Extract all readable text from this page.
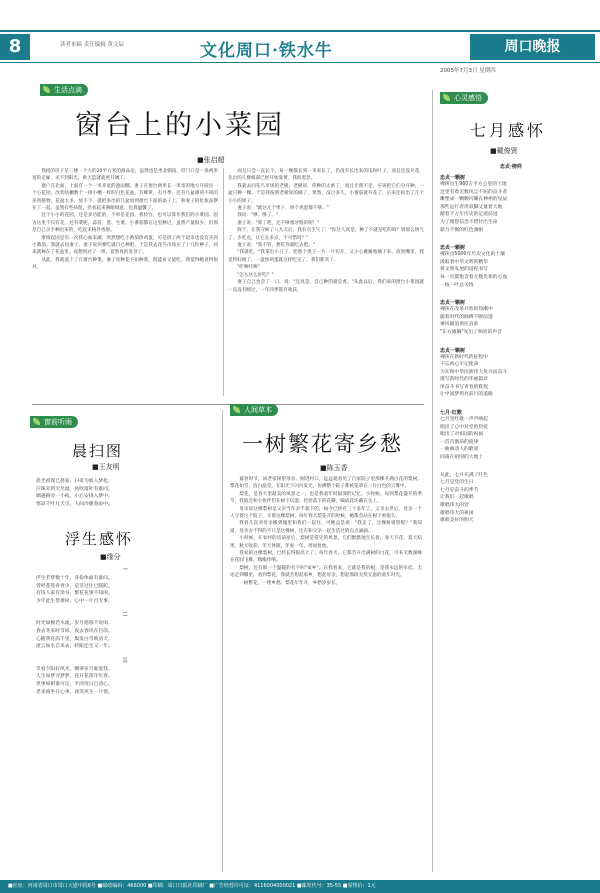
8	读者来稿 责任编辑 黄文辰	文化周口·铁水牛	周口晚报
2005年7月3日 星期四
生活点滴
窗台上的小菜园
■张启超

我租的房子是三楼一个大约20平方米的商品房，虽然也是坐北朝南，但门口是一条两米宽的走廊，见不到阳光，供天造就就更开阔了。

窗户在北面，上面有一个一米来宽的遮雨棚。妻子在窗台两米长一米宽的地方开辟出一个小花园，改装啥棚数个一排小槽一样的白色花盆，有蜂萝，有月季，还有几盆薄荷不同的多肉植物。花盆太多，放不下，就把多出的几盆放到窗台下面的桌子上，和妻子的化妆品摆在了一起。虽然有些局促，但看起来满眼绿意，也算温馨了。

这个小小的花园，还是多功能的，不单是花园，我妆台，也可以算作我们的小菜园。因为这里不仅有花，还有菜呢。蒜苗、葱、生菜、小番茄都在这里种过，虽然产量很少，但那是自己亲手种出来的，吃起来格外香甜。

事情起因是有一次我心血来潮，突然想吃小番茄炒鸡蛋，可是找了两个超市也没有买到小番茄。我就去问妻子，妻子说你要吃就自己种吧。于是我去花鸟市场买了十几粒种子，回来就种在了花盆里。没想到过了一周，竟然真的发芽了。

从此，我就爱上了在窗台种菜。妻子说种花不如种菜，既能看又能吃。我觉得她说得很对。

而且只会一直长个，每一棵都长到一米来长了，仍没有长出来的瓜和叶子，而且还没开花，先出的几棵根部已经开始发黄，我很着急。

我就去问花鸟市场的老板，老板说，你种的太密了，而且光照不足，应该把它们分开种，一盆只种一棵。于是我按照老板说的做了，果然，没过多久，小番茄就开花了，后来还结出了几个小小的果子。

妻子说："就这几个果子，炒个鸡蛋都不够。"

我说："够，够了。"

妻子说："算了吧，还不够塞牙缝的呢！"

终于，在我守候了八九天后，我有点生气了："你这人真是，种了不就是吃的吗？别那么娇气了，少吃点，让它长多点，不可惜吗？"

妻子说："我不管，想吃你就吃去吧。"

"我就吃，"我拿出小刀子，把那个果子一片一片切开，又小心翼翼地摘下来，放进嘴里。我觉得好极了，一盘炒鸡蛋就这样吃完了，我们都笑了。

"咔嚓咔嚓"

"怎么这么好吃？"

妻子自己也尝了一口，说："还真是，自己种的就是香。"从此以后，我们家的窗台小菜园就一直没有断过，一年四季都有收获。

窗前听雨
晨扫图
■王友明
晨光初现已晨家，扫帚为谁入梦松。
汗珠未到无尽湿，风吹落叶有谁同。
偶遇路旁一小枝，小后安排入梦中。
寒凉千叶几天尽，人间冷暖春雨中。
浮生感怀
■缘分
一
浮生若梦数十年，身份体面有谁问。
曾经苍苍青春少，是非过往已蹉跎。
有钱人家有余书，繁花花事不知闲。
少年此生皆难回，心中一片百无事。
二
时光如梭若水流，岁月悠悠不说闲。
春去冬来时节回，夜去春风在目前。
心随黄花尚千里，鬓发白雪映清天。
流云如水自来去，转眼还生又一年。
三
笑看夕阳好风光，飘零岁月谁爱我。
人生如梦寻梦梦，花开花落年年春。
世事如棋谁可定，平淡度日自清心。
老来闲坐开心事，谈笑风生一片情。
人间草木
一树繁花寄乡愁
■陈玉香

暮春时节，回老家探望母亲。刚进村口，远远就看见了自家院子里那棵开满白花的梨树。梨花如雪，洁白晶莹，在阳光下闪闪发光，仿佛整个院子都被笼罩在一片白色的云雾中。

梨花，是春天里最美的风景之一，也是我童年时最深的记忆。小时候，每到梨花盛开的季节，我就会和小伙伴们在树下玩耍，捡拾落下的花瓣，编成花环戴在头上。

母亲说这棵梨树是父亲当年亲手栽下的，如今已经有三十多年了。父亲去世后，母亲一个人守着这个院子，守着这棵梨树，每年春天梨花开的时候，她都会站在树下看很久。

我曾几次劝母亲搬到城里和我们一起住，可她总是说："我走了，这棵树谁管呢？"我知道，母亲舍不得的不只是这棵树，还有和父亲一起生活过的点点滴滴。

小时候，在农村的房前屋后，梨树是常见的风景。它们默默地生长着，春天开花，夏天结果，秋天收获，冬天休眠，年复一年，周而复始。

我家的这棵梨树，已经长得很高大了。每年春天，它都会开出满树的白花，引来无数蜜蜂在花间飞舞，嗡嗡作响。

梨树，还有那一个温暖的名字叫"家乡"。在我看来，它就是我的根，是我永远的牵挂。无论走到哪里，看到梨花，我就会想起家乡，想起母亲，想起那段无忧无虑的童年时光。

一树繁花，一缕乡愁。梨花年年开，乡愁岁岁长。

心灵感悟
七月感怀
■戴俊贤
忠贞·榜样
忠贞一颗树
裸孩出生960万平方公里的土地
这里有着无数风尘不屈的奋斗者
雕塑成一颗颗闪耀在神州的星辰
那些远行者用双脚丈量着大地
踏着千万年历史的足迹前进
为了理想信念不惜付出生命
鼎力不倒的红色旗帜
忠贞一颗树
裸孩出5000年历史文化的土壤
汲取着中华文明的精华
将文明发展的进程书写
每一页都饱含着无数先辈的心血
一枝一叶总关情
忠贞一颗树
裸孩在改革开放的热潮中
随着时代的脉搏不断前进
乘风破浪勇往直前
"东方雄狮"发出了响亮的声音
忠贞一颗树
裸孩在新时代的征程中
不忘初心牢记使命
为实现中华民族伟大复兴而奋斗
谱写新时代的华丽篇章
用奋斗书写青春的辉煌
让中国梦照亮前行的道路
七月·红歌
七月里红歌一声声响起
唱出了心中对党的热爱
唱出了对祖国的祝福
一首首激昂的旋律
一曲曲动人的歌谣
回荡在祖国的大地上
从此，七月充满了红色
七月是党的生日
七月是奋斗的季节
让我们一起歌唱
歌唱伟大的党
歌唱伟大的祖国
歌唱美好的明天
■社址：河南省周口市周口大道中段6号 ■邮政编码：466000 ■印刷：周口日报社印刷厂 ■广告经营许可证：4116004000021 ■邮发代号：35-55 ■零售价：1元
